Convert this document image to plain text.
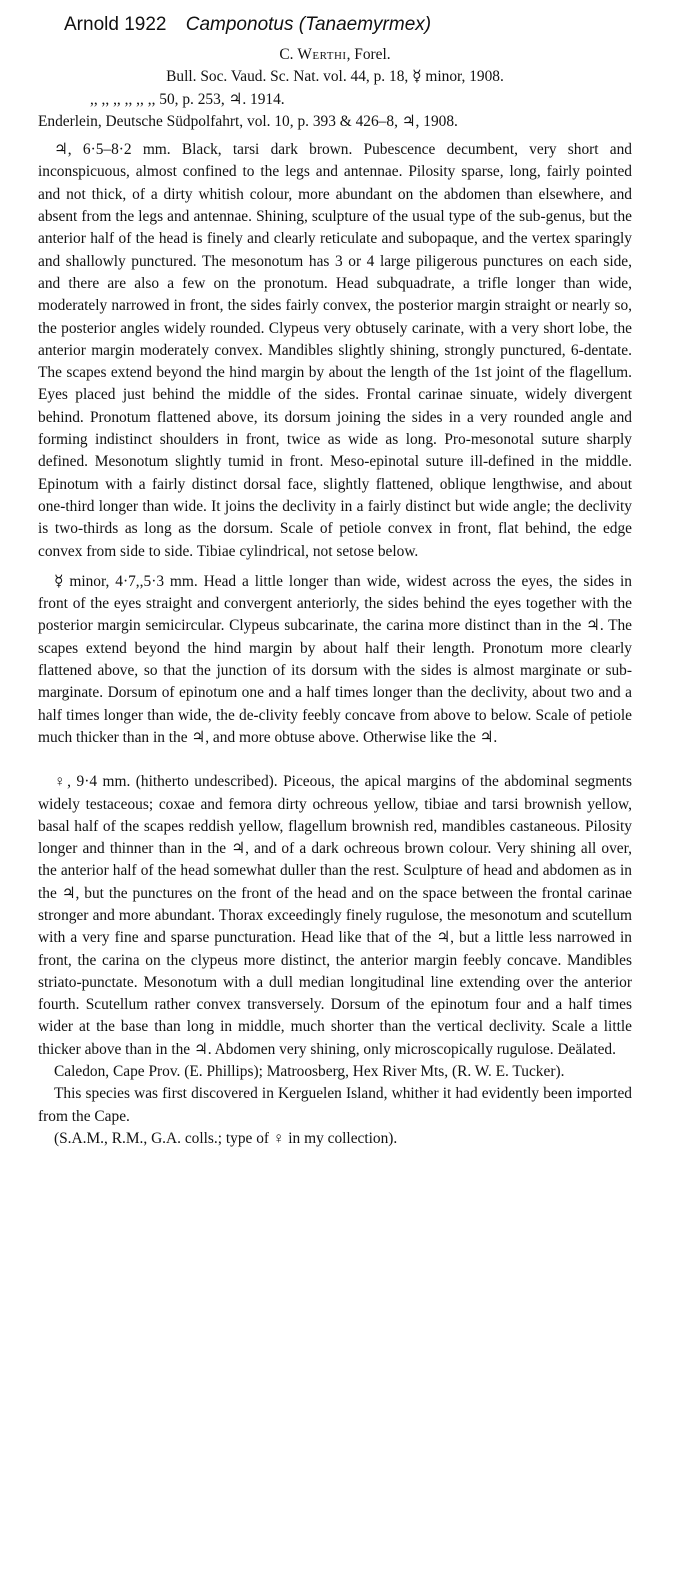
Arnold 1922 Camponotus (Tanaemyrmex)
C. Werthi, Forel.
Bull. Soc. Vaud. Sc. Nat. vol. 44, p. 18, ☿ minor, 1908.
,, ,, ,, ,, ,, ,, 50, p. 253, ♃. 1914.
Enderlein, Deutsche Südpolfahrt, vol. 10, p. 393 & 426–8, ♃, 1908.

♃, 6·5–8·2 mm. Black, tarsi dark brown. Pubescence decumbent, very short and inconspicuous, almost confined to the legs and antennae. Pilosity sparse, long, fairly pointed and not thick, of a dirty whitish colour, more abundant on the abdomen than elsewhere, and absent from the legs and antennae. Shining, sculpture of the usual type of the sub-genus, but the anterior half of the head is finely and clearly reticulate and subopaque, and the vertex sparingly and shallowly punctured. The mesonotum has 3 or 4 large piligerous punctures on each side, and there are also a few on the pronotum. Head subquadrate, a trifle longer than wide, moderately narrowed in front, the sides fairly convex, the posterior margin straight or nearly so, the posterior angles widely rounded. Clypeus very obtusely carinate, with a very short lobe, the anterior margin moderately convex. Mandibles slightly shining, strongly punctured, 6-dentate. The scapes extend beyond the hind margin by about the length of the 1st joint of the flagellum. Eyes placed just behind the middle of the sides. Frontal carinae sinuate, widely divergent behind. Pronotum flattened above, its dorsum joining the sides in a very rounded angle and forming indistinct shoulders in front, twice as wide as long. Pro-mesonotal suture sharply defined. Mesonotum slightly tumid in front. Meso-epinotal suture ill-defined in the middle. Epinotum with a fairly distinct dorsal face, slightly flattened, oblique lengthwise, and about one-third longer than wide. It joins the declivity in a fairly distinct but wide angle; the declivity is two-thirds as long as the dorsum. Scale of petiole convex in front, flat behind, the edge convex from side to side. Tibiae cylindrical, not setose below.

☿ minor, 4·7,,5·3 mm. Head a little longer than wide, widest across the eyes, the sides in front of the eyes straight and convergent anteriorly, the sides behind the eyes together with the posterior margin semicircular. Clypeus subcarinate, the carina more distinct than in the ♃. The scapes extend beyond the hind margin by about half their length. Pronotum more clearly flattened above, so that the junction of its dorsum with the sides is almost marginate or sub-marginate. Dorsum of epinotum one and a half times longer than the declivity, about two and a half times longer than wide, the de-clivity feebly concave from above to below. Scale of petiole much thicker than in the ♃, and more obtuse above. Otherwise like the ♃.

♀, 9·4 mm. (hitherto undescribed). Piceous, the apical margins of the abdominal segments widely testaceous; coxae and femora dirty ochreous yellow, tibiae and tarsi brownish yellow, basal half of the scapes reddish yellow, flagellum brownish red, mandibles castaneous. Pilosity longer and thinner than in the ♃, and of a dark ochreous brown colour. Very shining all over, the anterior half of the head somewhat duller than the rest. Sculpture of head and abdomen as in the ♃, but the punctures on the front of the head and on the space between the frontal carinae stronger and more abundant. Thorax exceedingly finely rugulose, the mesonotum and scutellum with a very fine and sparse puncturation. Head like that of the ♃, but a little less narrowed in front, the carina on the clypeus more distinct, the anterior margin feebly concave. Mandibles striato-punctate. Mesonotum with a dull median longitudinal line extending over the anterior fourth. Scutellum rather convex transversely. Dorsum of the epinotum four and a half times wider at the base than long in middle, much shorter than the vertical declivity. Scale a little thicker above than in the ♃. Abdomen very shining, only microscopically rugulose. Deälated.

Caledon, Cape Prov. (E. Phillips); Matroosberg, Hex River Mts, (R. W. E. Tucker).

This species was first discovered in Kerguelen Island, whither it had evidently been imported from the Cape.

(S.A.M., R.M., G.A. colls.; type of ♀ in my collection).
